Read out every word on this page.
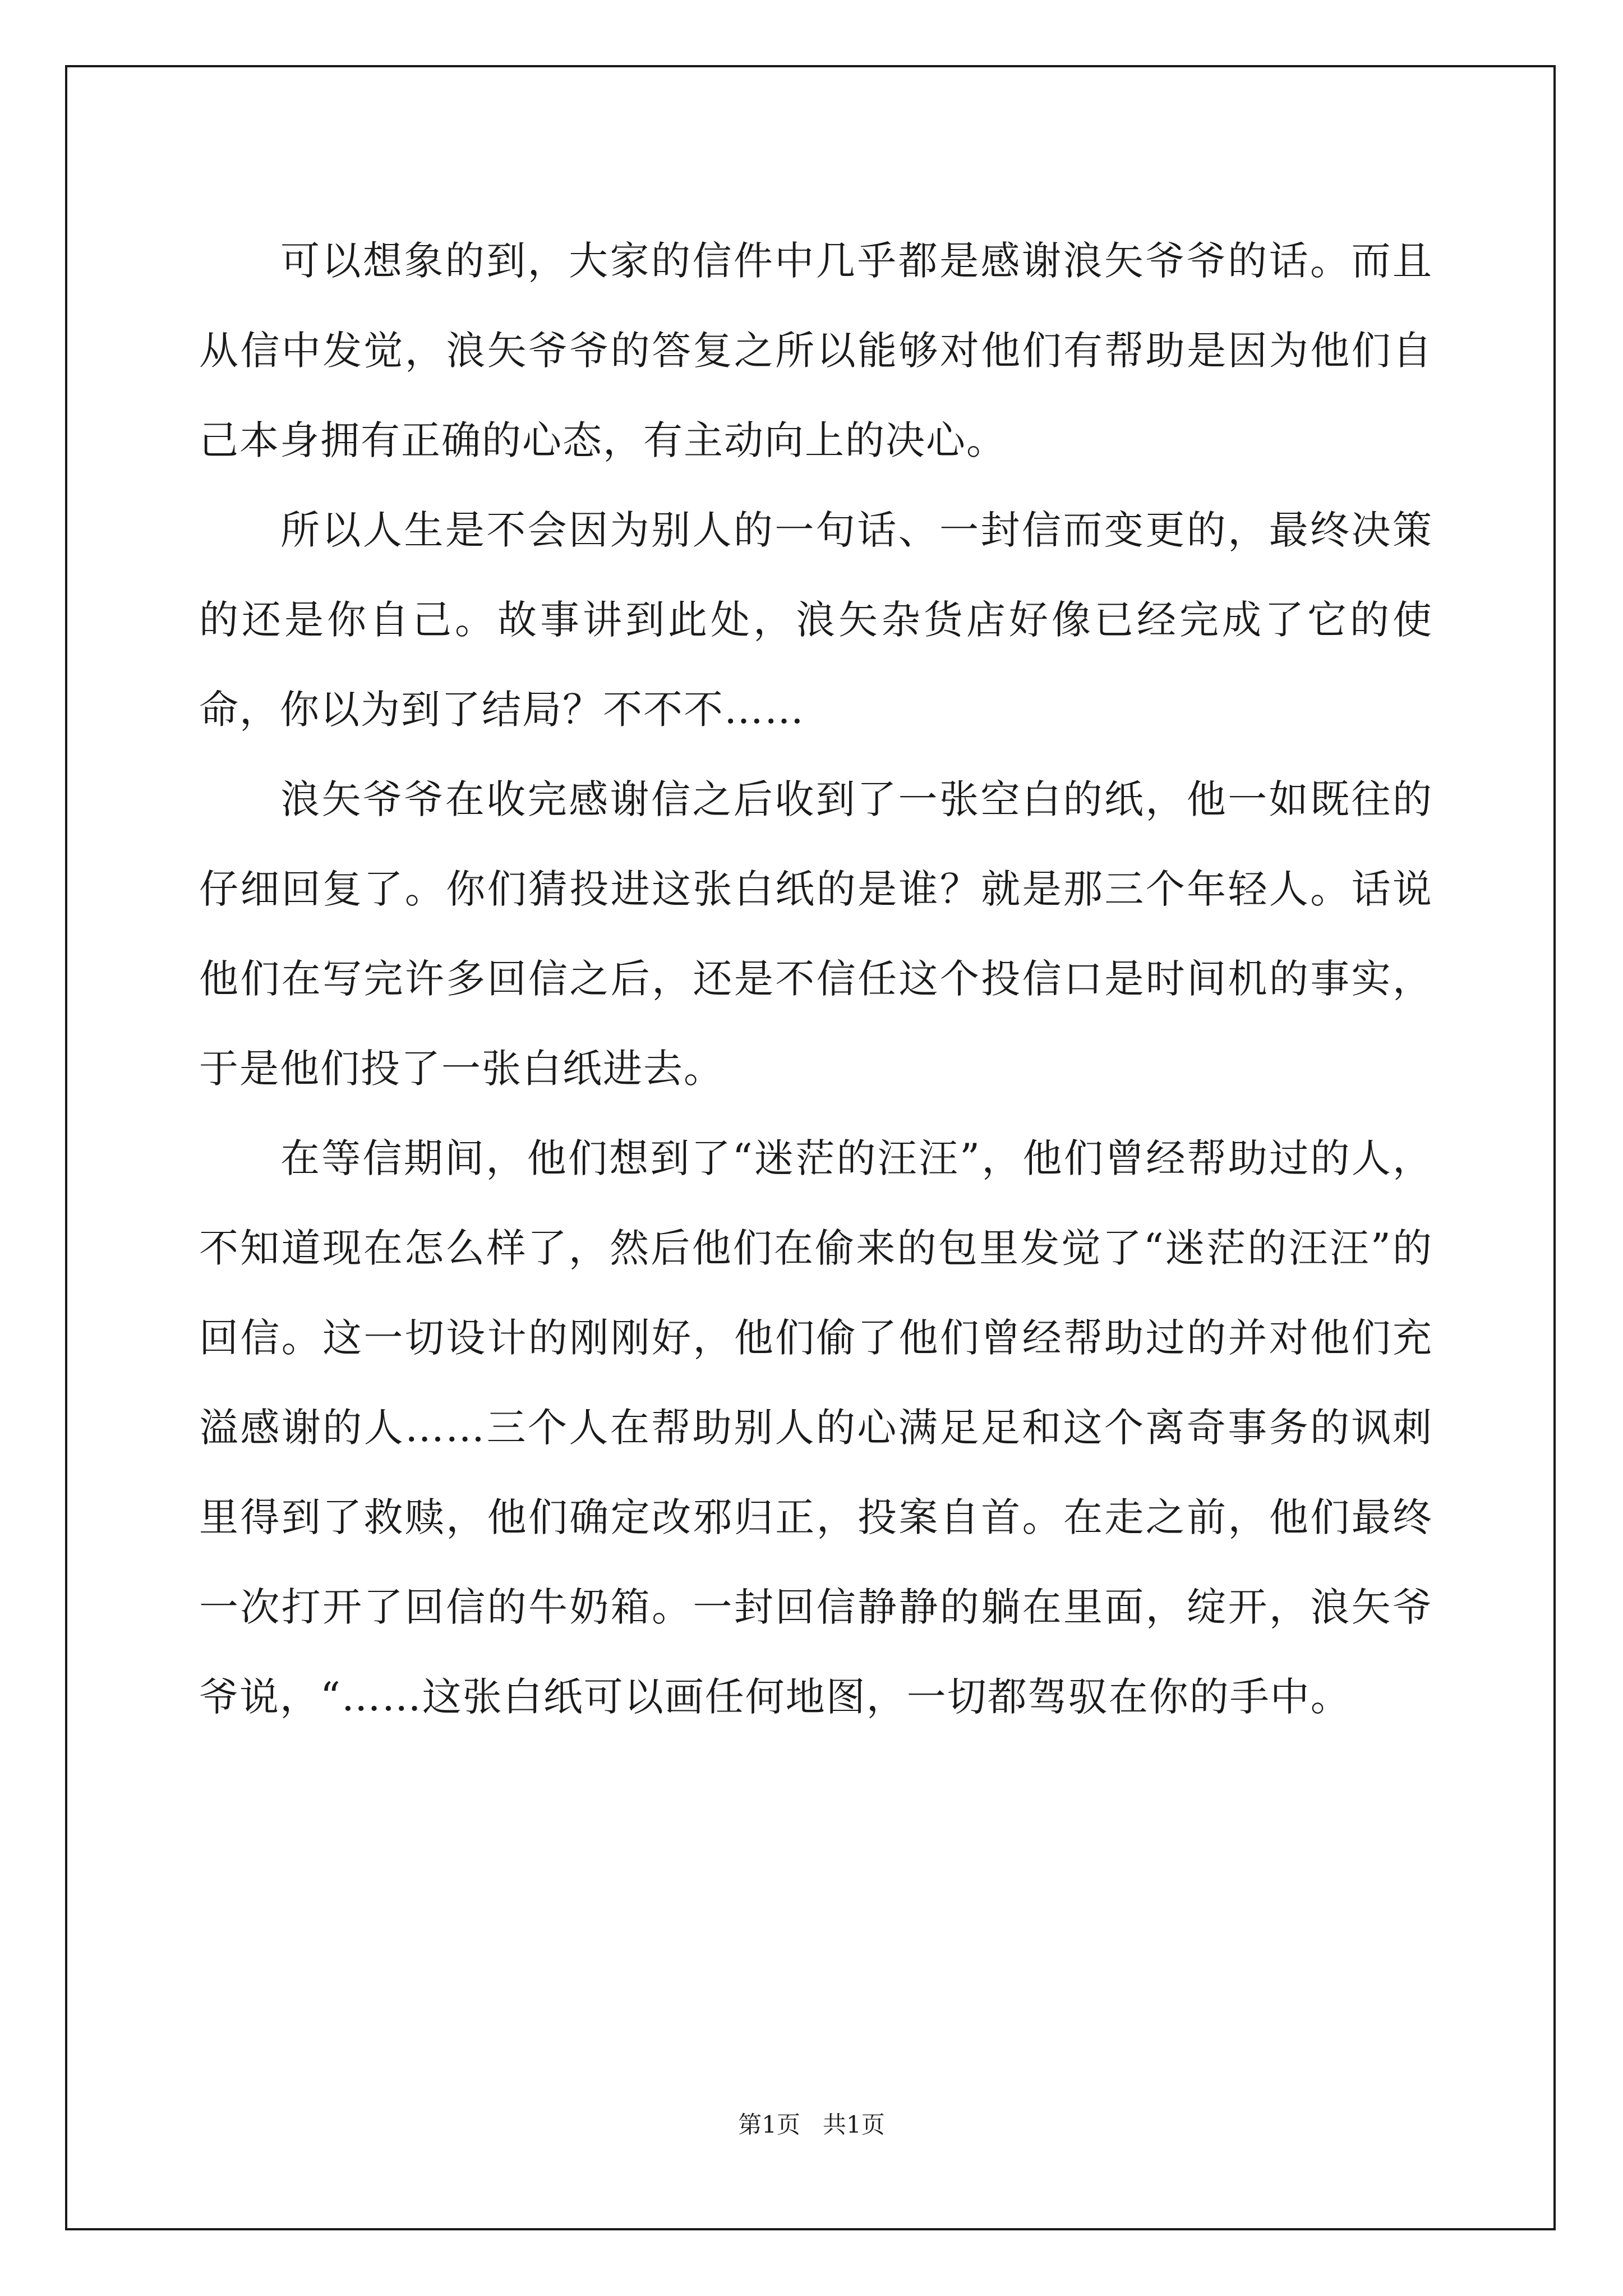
可以想象的到，大家的信件中几乎都是感谢浪矢爷爷的话。而且从信中发觉，浪矢爷爷的答复之所以能够对他们有帮助是因为他们自己本身拥有正确的心态，有主动向上的决心。

所以人生是不会因为别人的一句话、一封信而变更的，最终决策的还是你自己。故事讲到此处，浪矢杂货店好像已经完成了它的使命，你以为到了结局？不不不……

浪矢爷爷在收完感谢信之后收到了一张空白的纸，他一如既往的仔细回复了。你们猜投进这张白纸的是谁？就是那三个年轻人。话说他们在写完许多回信之后，还是不信任这个投信口是时间机的事实，于是他们投了一张白纸进去。

在等信期间，他们想到了“迷茫的汪汪”，他们曾经帮助过的人，不知道现在怎么样了，然后他们在偷来的包里发觉了“迷茫的汪汪”的回信。这一切设计的刚刚好，他们偷了他们曾经帮助过的并对他们充溢感谢的人……三个人在帮助别人的心满足足和这个离奇事务的讽刺里得到了救赎，他们确定改邪归正，投案自首。在走之前，他们最终一次打开了回信的牛奶箱。一封回信静静的躺在里面，绽开，浪矢爷爷说，“……这张白纸可以画任何地图，一切都驾驭在你的手中。

第1页   共1页
